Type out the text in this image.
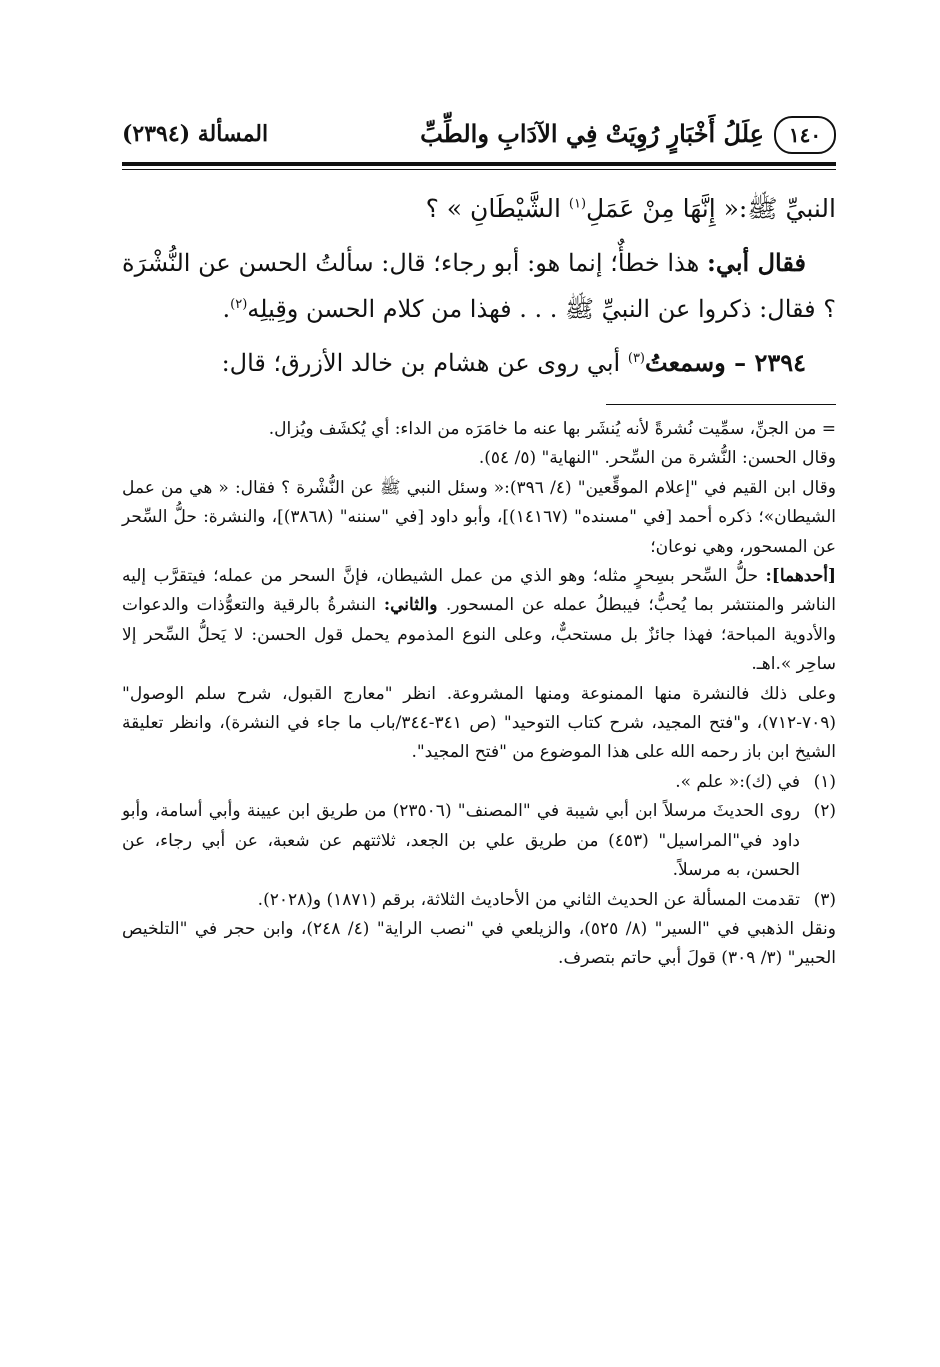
١٤٠
عِلَلُ أَخْبَارٍ رُوِيَتْ فِي الآدَابِ والطِّبِّ
المسألة (٢٣٩٤)

النبيِّ ﷺ:« إِنَّهَا مِنْ عَمَلِ$^{(١)}$ الشَّيْطَانِ » ؟

فقال أبي: هذا خطأٌ؛ إنما هو: أبو رجاء؛ قال: سألتُ الحسن عن النُّشْرَة ؟ فقال: ذكروا عن النبيِّ ﷺ . . . فهذا من كلام الحسن وقِيلِه$^{(٢)}$.

٢٣٩٤ – وسمعتُ$^{(٣)}$ أبي روى عن هشام بن خالد الأزرق؛ قال:

= من الجنِّ، سمِّيت نُشرةً لأنه يُنشَر بها عنه ما خامَرَه من الداء: أي يُكشَف ويُزال.

وقال الحسن: النُّشرة من السِّحر. "النهاية" (٥/ ٥٤).

وقال ابن القيم في "إعلام الموقِّعين" (٤/ ٣٩٦):« وسئل النبي ﷺ عن النُّشْرة ؟ فقال: « هي من عمل الشيطان»؛ ذكره أحمد [في "مسنده" (١٤١٦٧)]، وأبو داود [في "سننه" (٣٨٦٨)]، والنشرة: حلُّ السِّحر عن المسحور، وهي نوعان؛

[أحدهما]: حلُّ السِّحر بسِحرٍ مثله؛ وهو الذي من عمل الشيطان، فإنَّ السحر من عمله؛ فيتقرَّب إليه الناشر والمنتشر بما يُحبُّ؛ فيبطلُ عمله عن المسحور. والثاني: النشرةُ بالرقية والتعوُّذات والدعوات والأدوية المباحة؛ فهذا جائزٌ بل مستحبٌّ، وعلى النوع المذموم يحمل قول الحسن: لا يَحلُّ السِّحر إلا ساحِر ».اهـ.

وعلى ذلك فالنشرة منها الممنوعة ومنها المشروعة. انظر "معارج القبول، شرح سلم الوصول" (٧٠٩-٧١٢)، و"فتح المجيد، شرح كتاب التوحيد" (ص ٣٤١-٣٤٤/باب ما جاء في النشرة)، وانظر تعليقة الشيخ ابن باز رحمه الله على هذا الموضوع من "فتح المجيد".

(١)
في (ك):« علم ».
(٢)
روى الحديثَ مرسلاً ابن أبي شيبة في "المصنف" (٢٣٥٠٦) من طريق ابن عيينة وأبي أسامة، وأبو داود في"المراسيل" (٤٥٣) من طريق علي بن الجعد، ثلاثتهم عن شعبة، عن أبي رجاء، عن الحسن، به مرسلاً.
(٣)
تقدمت المسألة عن الحديث الثاني من الأحاديث الثلاثة، برقم (١٨٧١) و(٢٠٢٨).

ونقل الذهبي في "السير" (٨/ ٥٢٥)، والزيلعي في "نصب الراية" (٤/ ٢٤٨)، وابن حجر في "التلخيص الحبير" (٣/ ٣٠٩) قولَ أبي حاتم بتصرف.
